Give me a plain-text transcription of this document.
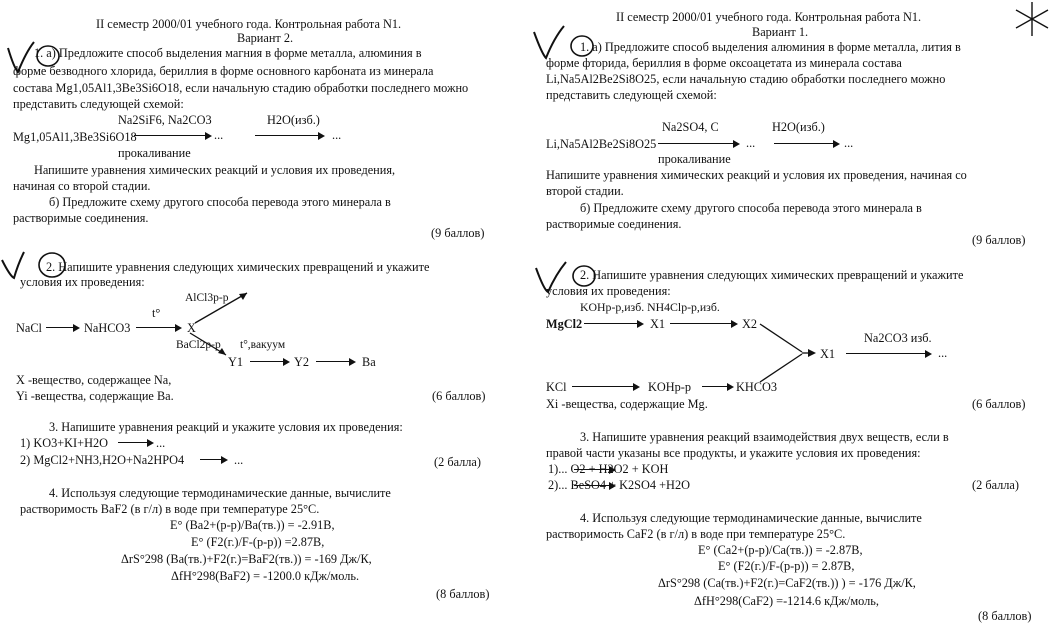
II семестр 2000/01 учебного года. Контрольная работа N1.
Вариант 2.
1. а) Предложите способ выделения магния в форме металла, алюминия в
форме безводного хлорида, бериллия в форме основного карбоната из минерала
состава Mg1,05Al1,3Be3Si6O18, если начальную стадию обработки последнего можно
представить следующей схемой:
Na2SiF6, Na2CO3	H2O(изб.)
Mg1,05Al1,3Be3Si6O18	...	...
прокаливание
Напишите уравнения химических реакций и условия их проведения,
начиная со второй стадии.
б) Предложите схему другого способа перевода этого минерала в
растворимые соединения.
(9 баллов)
2. Напишите уравнения следующих химических превращений и укажите
условия их проведения:
AlCl3р-р
t°
NaCl	NaHCO3	X
BaCl2р-р t°,вакуум
Y1	Y2	Ba
X -вещество, содержащее Na,
Yi -вещества, содержащие Ba.	(6 баллов)
3. Напишите уравнения реакций и укажите условия их проведения:
1) KO3+KI+H2O	...
2) MgCl2+NH3,H2O+Na2HPO4	...	(2 балла)
4. Используя следующие термодинамические данные, вычислите
растворимость BaF2 (в г/л) в воде при температуре 25°C.
E° (Ba2+(р-р)/Ba(тв.)) = -2.91B,
E° (F2(г.)/F-(р-р)) =2.87B,
ΔrS°298 (Ba(тв.)+F2(г.)=BaF2(тв.)) = -169 Дж/К,
ΔfH°298(BaF2) = -1200.0 кДж/моль.
(8 баллов)
II семестр 2000/01 учебного года. Контрольная работа N1.
Вариант 1.
1. а) Предложите способ выделения алюминия в форме металла, лития в
форме фторида, бериллия в форме оксоацетата из минерала состава
Li,Na5Al2Be2Si8O25, если начальную стадию обработки последнего можно
представить следующей схемой:
Na2SO4, C	H2O(изб.)
Li,Na5Al2Be2Si8O25	...	...
прокаливание
Напишите уравнения химических реакций и условия их проведения, начиная со
второй стадии.
б) Предложите схему другого способа перевода этого минерала в
растворимые соединения.
(9 баллов)
2. Напишите уравнения следующих химических превращений и укажите
условия их проведения:
KOHр-р,изб. NH4Clр-р,изб.
MgCl2	X1	X2
X1
Na2CO3 изб.
...
KCl	KOHр-р	KHCO3
Xi -вещества, содержащие Mg.	(6 баллов)
3. Напишите уравнения реакций взаимодействия двух веществ, если в
правой части указаны все продукты, и укажите условия их проведения:
1)... O2 + H2O2 + KOH
2)... BeSO4 + K2SO4 +H2O	(2 балла)
4. Используя следующие термодинамические данные, вычислите
растворимость CaF2 (в г/л) в воде при температуре 25°C.
E° (Ca2+(р-р)/Ca(тв.)) = -2.87B,
E° (F2(г.)/F-(р-р)) = 2.87B,
ΔrS°298 (Ca(тв.)+F2(г.)=CaF2(тв.)) ) = -176 Дж/К,
ΔfH°298(CaF2) =-1214.6 кДж/моль,
(8 баллов)
